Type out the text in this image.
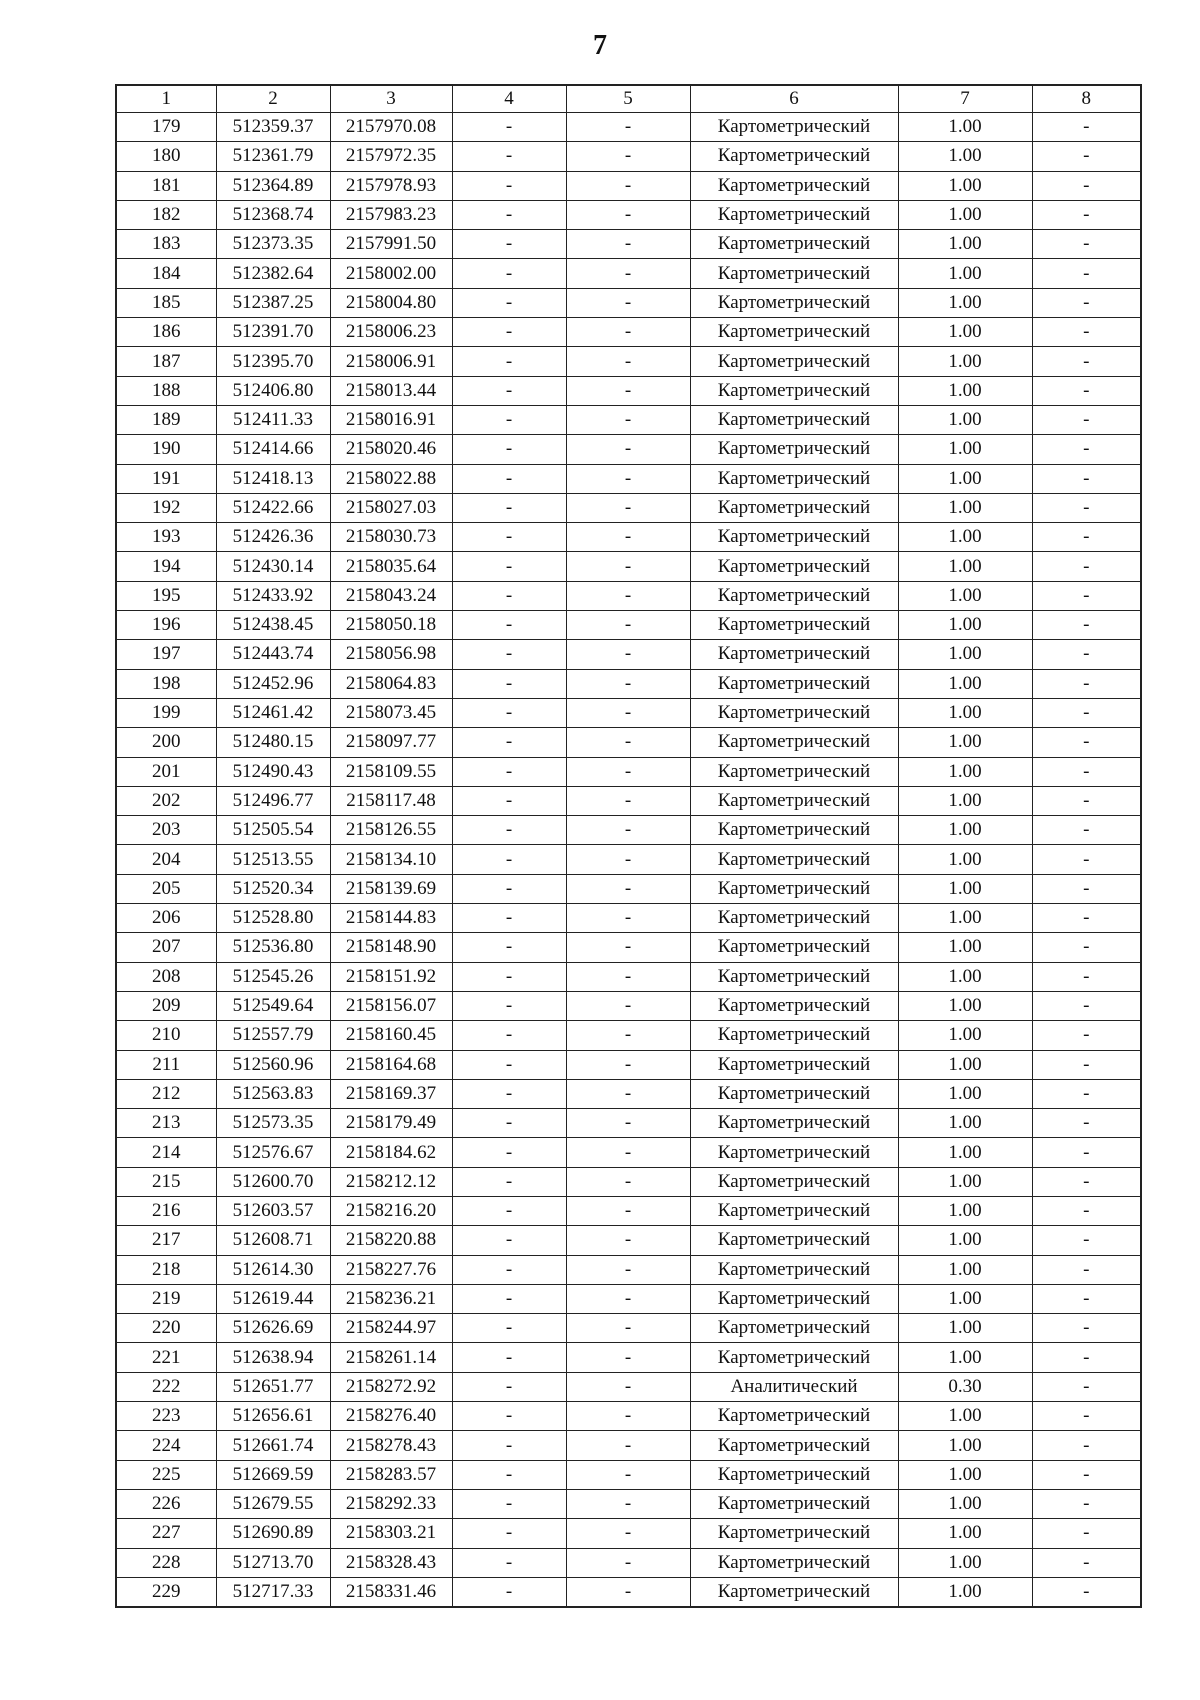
7
1	2	3	4	5	6	7	8
179	512359.37	2157970.08	-	-	Картометрический	1.00	-
180	512361.79	2157972.35	-	-	Картометрический	1.00	-
181	512364.89	2157978.93	-	-	Картометрический	1.00	-
182	512368.74	2157983.23	-	-	Картометрический	1.00	-
183	512373.35	2157991.50	-	-	Картометрический	1.00	-
184	512382.64	2158002.00	-	-	Картометрический	1.00	-
185	512387.25	2158004.80	-	-	Картометрический	1.00	-
186	512391.70	2158006.23	-	-	Картометрический	1.00	-
187	512395.70	2158006.91	-	-	Картометрический	1.00	-
188	512406.80	2158013.44	-	-	Картометрический	1.00	-
189	512411.33	2158016.91	-	-	Картометрический	1.00	-
190	512414.66	2158020.46	-	-	Картометрический	1.00	-
191	512418.13	2158022.88	-	-	Картометрический	1.00	-
192	512422.66	2158027.03	-	-	Картометрический	1.00	-
193	512426.36	2158030.73	-	-	Картометрический	1.00	-
194	512430.14	2158035.64	-	-	Картометрический	1.00	-
195	512433.92	2158043.24	-	-	Картометрический	1.00	-
196	512438.45	2158050.18	-	-	Картометрический	1.00	-
197	512443.74	2158056.98	-	-	Картометрический	1.00	-
198	512452.96	2158064.83	-	-	Картометрический	1.00	-
199	512461.42	2158073.45	-	-	Картометрический	1.00	-
200	512480.15	2158097.77	-	-	Картометрический	1.00	-
201	512490.43	2158109.55	-	-	Картометрический	1.00	-
202	512496.77	2158117.48	-	-	Картометрический	1.00	-
203	512505.54	2158126.55	-	-	Картометрический	1.00	-
204	512513.55	2158134.10	-	-	Картометрический	1.00	-
205	512520.34	2158139.69	-	-	Картометрический	1.00	-
206	512528.80	2158144.83	-	-	Картометрический	1.00	-
207	512536.80	2158148.90	-	-	Картометрический	1.00	-
208	512545.26	2158151.92	-	-	Картометрический	1.00	-
209	512549.64	2158156.07	-	-	Картометрический	1.00	-
210	512557.79	2158160.45	-	-	Картометрический	1.00	-
211	512560.96	2158164.68	-	-	Картометрический	1.00	-
212	512563.83	2158169.37	-	-	Картометрический	1.00	-
213	512573.35	2158179.49	-	-	Картометрический	1.00	-
214	512576.67	2158184.62	-	-	Картометрический	1.00	-
215	512600.70	2158212.12	-	-	Картометрический	1.00	-
216	512603.57	2158216.20	-	-	Картометрический	1.00	-
217	512608.71	2158220.88	-	-	Картометрический	1.00	-
218	512614.30	2158227.76	-	-	Картометрический	1.00	-
219	512619.44	2158236.21	-	-	Картометрический	1.00	-
220	512626.69	2158244.97	-	-	Картометрический	1.00	-
221	512638.94	2158261.14	-	-	Картометрический	1.00	-
222	512651.77	2158272.92	-	-	Аналитический	0.30	-
223	512656.61	2158276.40	-	-	Картометрический	1.00	-
224	512661.74	2158278.43	-	-	Картометрический	1.00	-
225	512669.59	2158283.57	-	-	Картометрический	1.00	-
226	512679.55	2158292.33	-	-	Картометрический	1.00	-
227	512690.89	2158303.21	-	-	Картометрический	1.00	-
228	512713.70	2158328.43	-	-	Картометрический	1.00	-
229	512717.33	2158331.46	-	-	Картометрический	1.00	-
